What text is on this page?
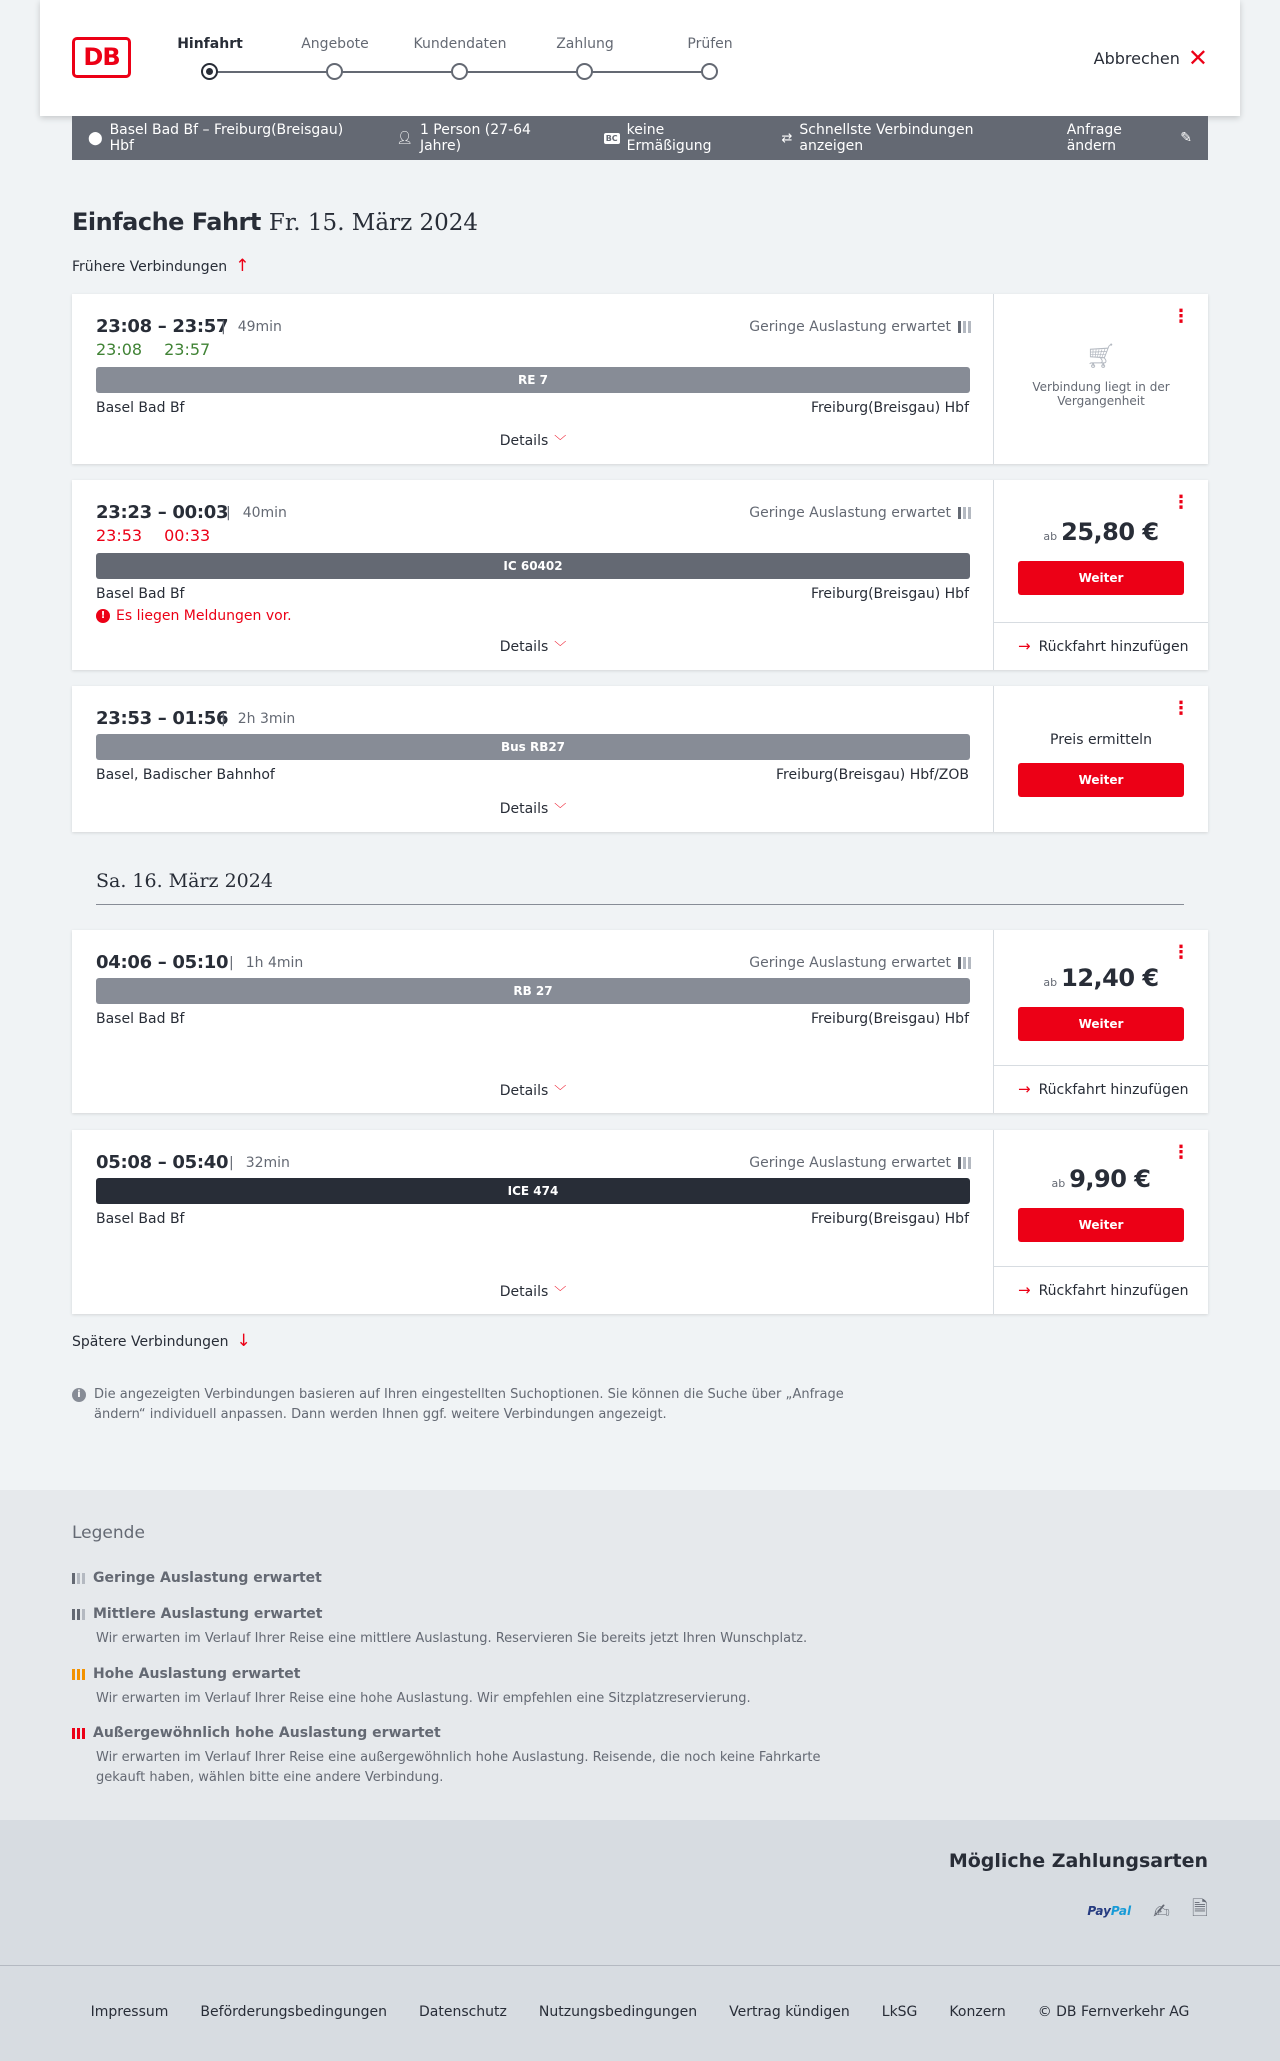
DB	Hinfahrt	Angebote	Kundendaten	Zahlung	Prüfen
Abbrechen ✕
⬤ Basel Bad Bf – Freiburg(Breisgau) Hbf	👤︎ 1 Person (27-64 Jahre)	BC keine Ermäßigung	⇄ Schnellste Verbindungen anzeigen
Anfrage ändern	✎
Einfache Fahrt Fr. 15. März 2024
Frühere Verbindungen ↑
23:08 – 23:57 | 49min	Geringe Auslastung erwartet
23:08 23:57
RE 7
Basel Bad Bf	Freiburg(Breisgau) Hbf
Details ﹀
⋮
🛒︎
Verbindung liegt in der Vergangenheit
23:23 – 00:03	| 40min	Geringe Auslastung erwartet
23:53 00:33
IC 60402
Basel Bad Bf	Freiburg(Breisgau) Hbf
! Es liegen Meldungen vor.
Details ﹀
⋮
ab 25,80 €
Weiter
→ Rückfahrt hinzufügen
23:53 – 01:56 | 2h 3min
Bus RB27
Basel, Badischer Bahnhof	Freiburg(Breisgau) Hbf/ZOB
Details ﹀
⋮
Preis ermitteln
Weiter
Sa. 16. März 2024
04:06 – 05:10	| 1h 4min	Geringe Auslastung erwartet
RB 27
Basel Bad Bf	Freiburg(Breisgau) Hbf
Details ﹀
⋮
ab 12,40 €
Weiter
→ Rückfahrt hinzufügen
05:08 – 05:40	| 32min	Geringe Auslastung erwartet
ICE 474
Basel Bad Bf	Freiburg(Breisgau) Hbf
Details ﹀
⋮
ab 9,90 €
Weiter
→ Rückfahrt hinzufügen
Spätere Verbindungen ↓
i	Die angezeigten Verbindungen basieren auf Ihren eingestellten Suchoptionen. Sie können die Suche über „Anfrage ändern“ individuell anpassen. Dann werden Ihnen ggf. weitere Verbindungen angezeigt.
Legende
Geringe Auslastung erwartet
Mittlere Auslastung erwartet
Wir erwarten im Verlauf Ihrer Reise eine mittlere Auslastung. Reservieren Sie bereits jetzt Ihren Wunschplatz.
Hohe Auslastung erwartet
Wir erwarten im Verlauf Ihrer Reise eine hohe Auslastung. Wir empfehlen eine Sitzplatzreservierung.
Außergewöhnlich hohe Auslastung erwartet
Wir erwarten im Verlauf Ihrer Reise eine außergewöhnlich hohe Auslastung. Reisende, die noch keine Fahrkarte gekauft haben, wählen bitte eine andere Verbindung.
Mögliche Zahlungsarten
PayPal ✍ 🗎︎
Impressum Beförderungsbedingungen Datenschutz Nutzungsbedingungen Vertrag kündigen LkSG Konzern © DB Fernverkehr AG
